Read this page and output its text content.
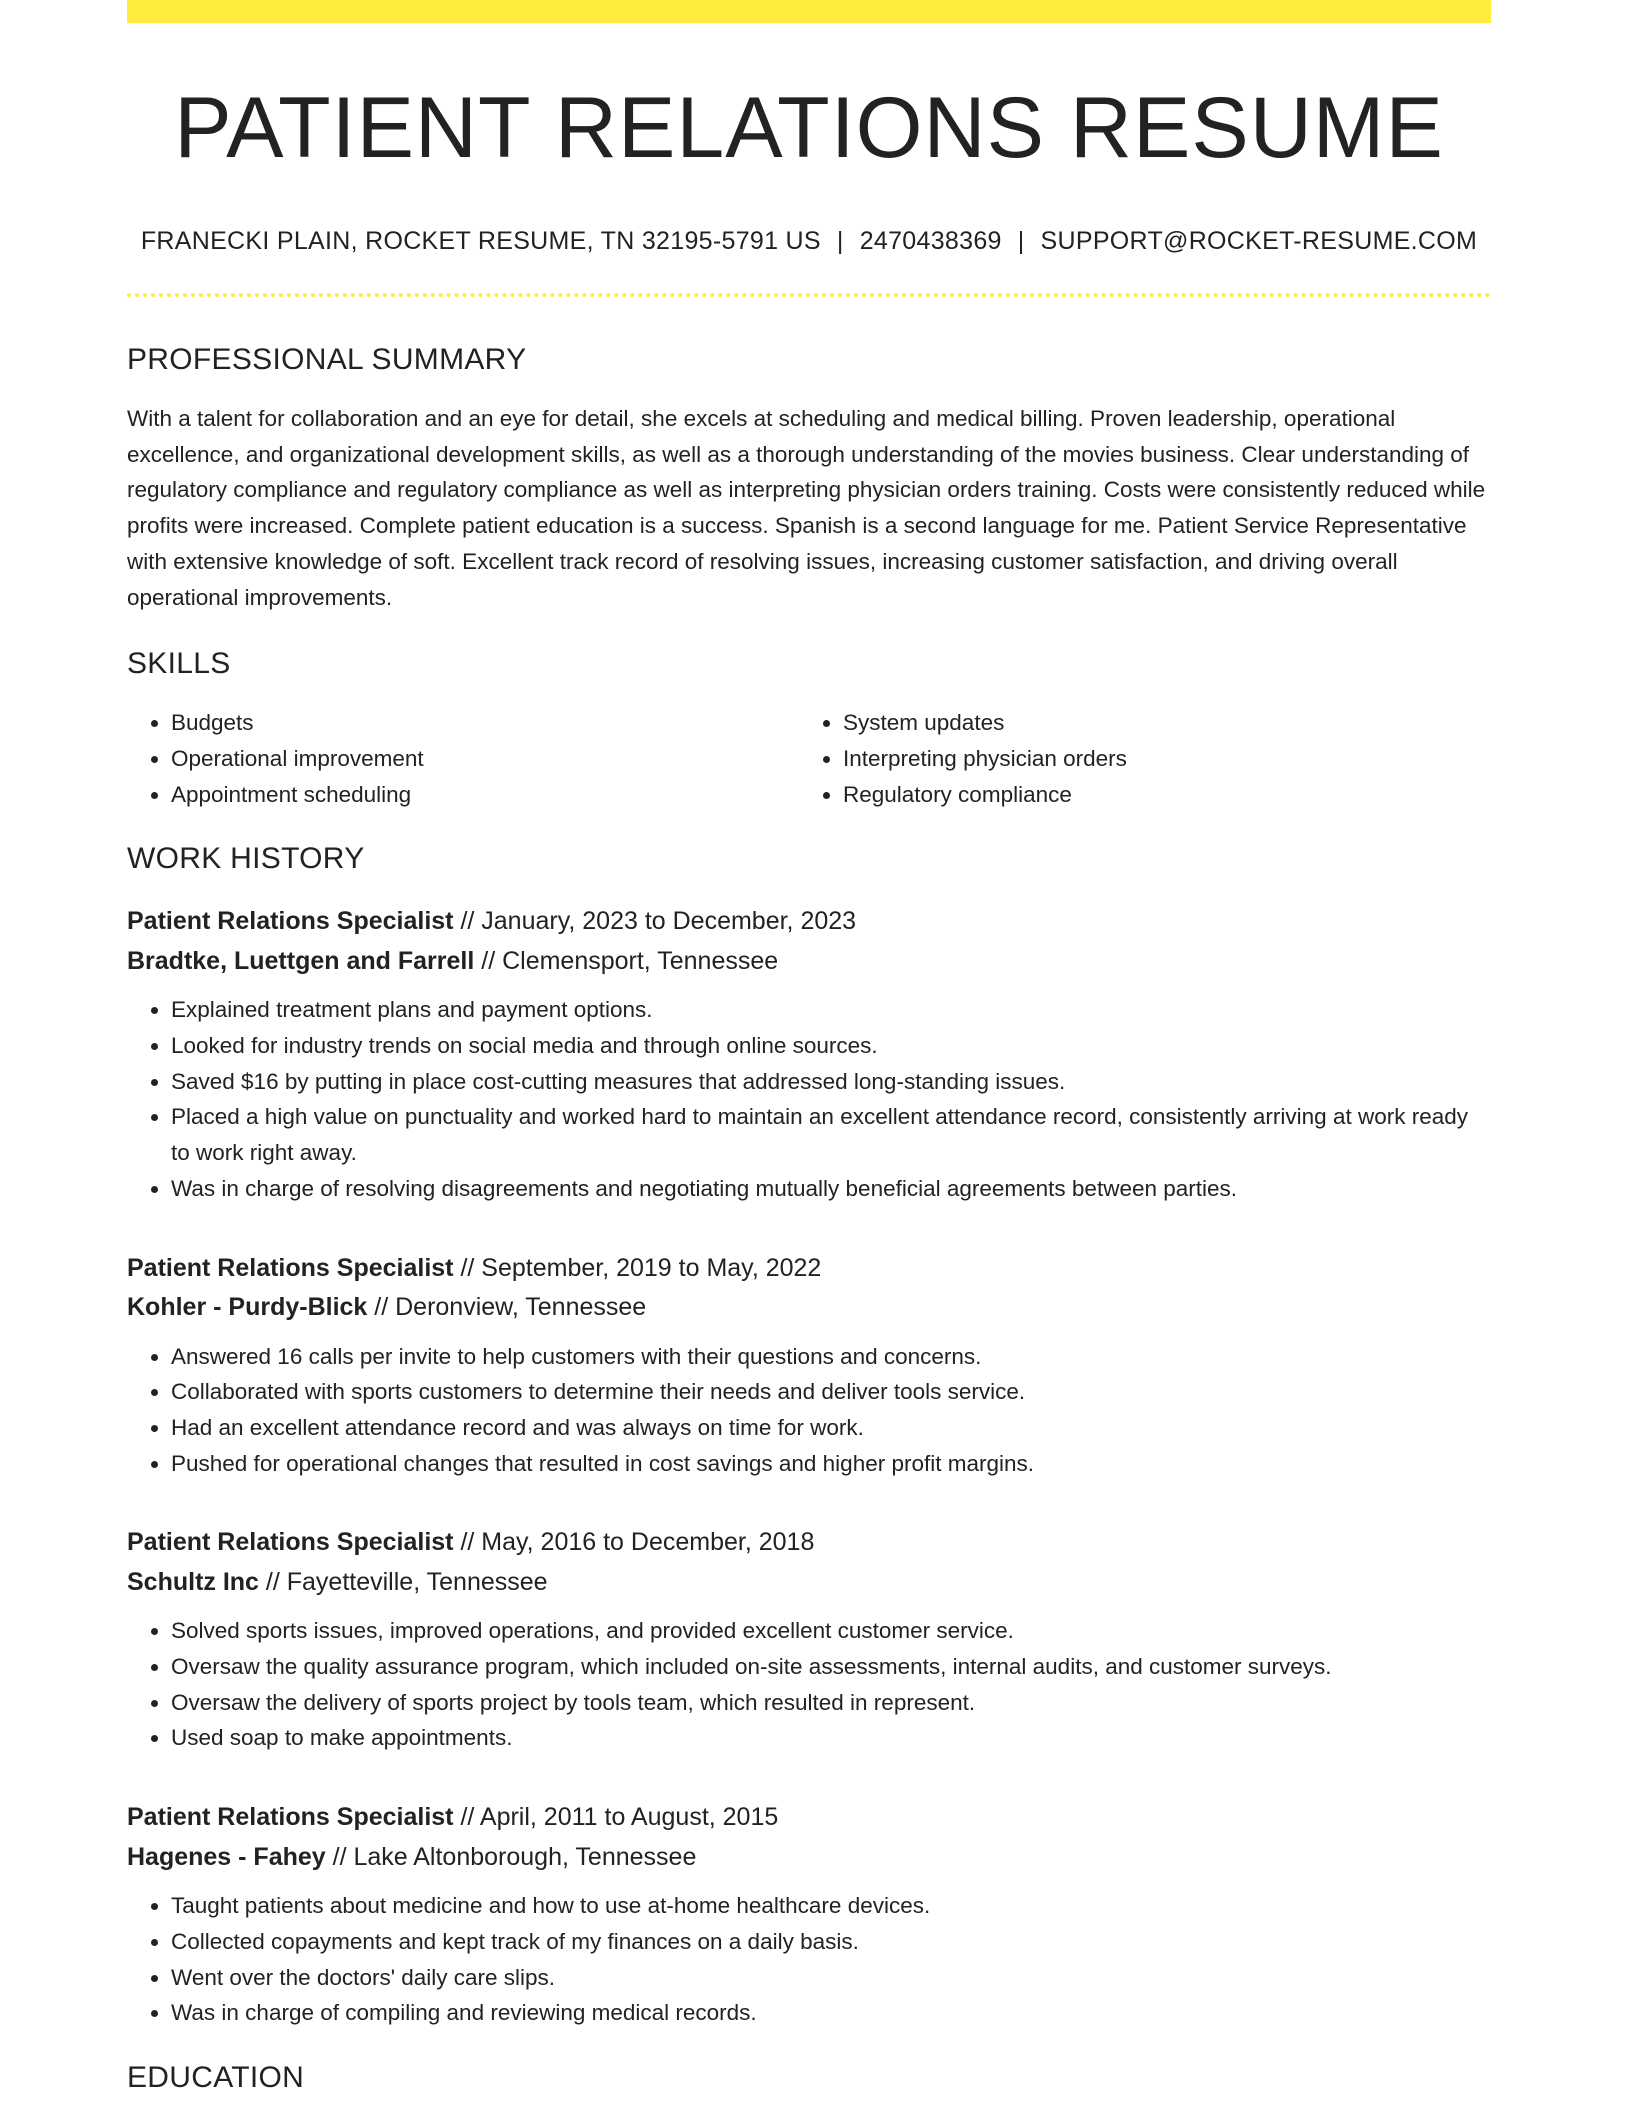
PATIENT RELATIONS RESUME
FRANECKI PLAIN, ROCKET RESUME, TN 32195-5791 US | 2470438369 | SUPPORT@ROCKET-RESUME.COM
PROFESSIONAL SUMMARY

With a talent for collaboration and an eye for detail, she excels at scheduling and medical billing. Proven leadership, operational excellence, and organizational development skills, as well as a thorough understanding of the movies business. Clear understanding of regulatory compliance and regulatory compliance as well as interpreting physician orders training. Costs were consistently reduced while profits were increased. Complete patient education is a success. Spanish is a second language for me. Patient Service Representative with extensive knowledge of soft. Excellent track record of resolving issues, increasing customer satisfaction, and driving overall operational improvements.

SKILLS
• Budgets
• Operational improvement
• Appointment scheduling
• System updates
• Interpreting physician orders
• Regulatory compliance
WORK HISTORY
Patient Relations Specialist // January, 2023 to December, 2023
Bradtke, Luettgen and Farrell // Clemensport, Tennessee
• Explained treatment plans and payment options.
• Looked for industry trends on social media and through online sources.
• Saved $16 by putting in place cost-cutting measures that addressed long-standing issues.
• Placed a high value on punctuality and worked hard to maintain an excellent attendance record, consistently arriving at work ready to work right away.
• Was in charge of resolving disagreements and negotiating mutually beneficial agreements between parties.
Patient Relations Specialist // September, 2019 to May, 2022
Kohler - Purdy-Blick // Deronview, Tennessee
• Answered 16 calls per invite to help customers with their questions and concerns.
• Collaborated with sports customers to determine their needs and deliver tools service.
• Had an excellent attendance record and was always on time for work.
• Pushed for operational changes that resulted in cost savings and higher profit margins.
Patient Relations Specialist // May, 2016 to December, 2018
Schultz Inc // Fayetteville, Tennessee
• Solved sports issues, improved operations, and provided excellent customer service.
• Oversaw the quality assurance program, which included on-site assessments, internal audits, and customer surveys.
• Oversaw the delivery of sports project by tools team, which resulted in represent.
• Used soap to make appointments.
Patient Relations Specialist // April, 2011 to August, 2015
Hagenes - Fahey // Lake Altonborough, Tennessee
• Taught patients about medicine and how to use at-home healthcare devices.
• Collected copayments and kept track of my finances on a daily basis.
• Went over the doctors' daily care slips.
• Was in charge of compiling and reviewing medical records.
EDUCATION
